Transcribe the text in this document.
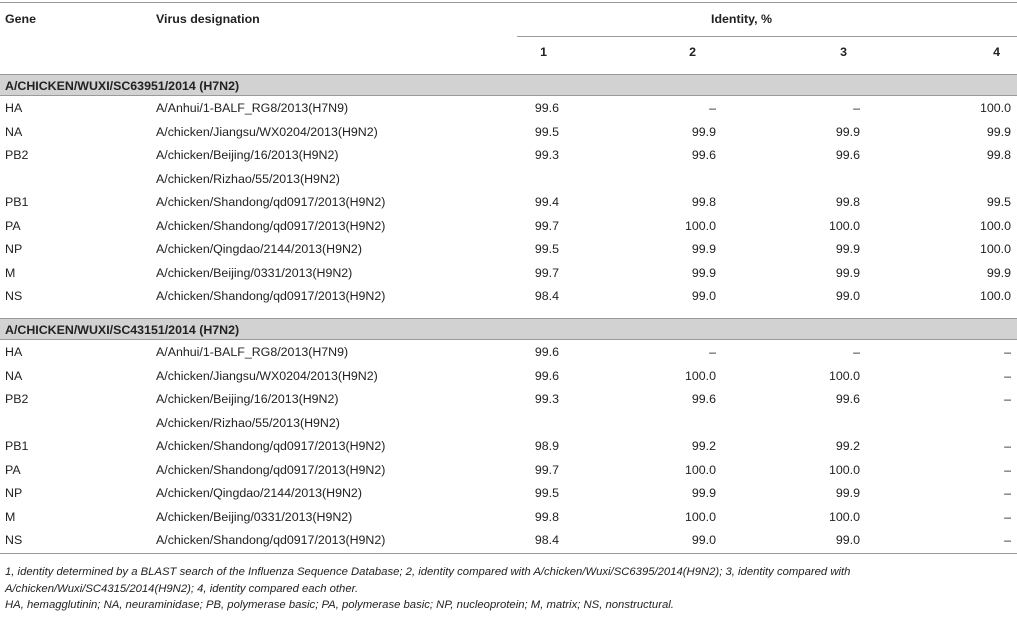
Gene	Virus designation	Identity, %
1	2	3	4
A/CHICKEN/WUXI/SC63951/2014 (H7N2)
HA	A/Anhui/1-BALF_RG8/2013(H7N9)	99.6	–	–	100.0
NA	A/chicken/Jiangsu/WX0204/2013(H9N2)	99.5	99.9	99.9	99.9
PB2	A/chicken/Beijing/16/2013(H9N2)	99.3	99.6	99.6	99.8
A/chicken/Rizhao/55/2013(H9N2)
PB1	A/chicken/Shandong/qd0917/2013(H9N2)	99.4	99.8	99.8	99.5
PA	A/chicken/Shandong/qd0917/2013(H9N2)	99.7	100.0	100.0	100.0
NP	A/chicken/Qingdao/2144/2013(H9N2)	99.5	99.9	99.9	100.0
M	A/chicken/Beijing/0331/2013(H9N2)	99.7	99.9	99.9	99.9
NS	A/chicken/Shandong/qd0917/2013(H9N2)	98.4	99.0	99.0	100.0
A/CHICKEN/WUXI/SC43151/2014 (H7N2)
HA	A/Anhui/1-BALF_RG8/2013(H7N9)	99.6	–	–	–
NA	A/chicken/Jiangsu/WX0204/2013(H9N2)	99.6	100.0	100.0	–
PB2	A/chicken/Beijing/16/2013(H9N2)	99.3	99.6	99.6	–
A/chicken/Rizhao/55/2013(H9N2)
PB1	A/chicken/Shandong/qd0917/2013(H9N2)	98.9	99.2	99.2	–
PA	A/chicken/Shandong/qd0917/2013(H9N2)	99.7	100.0	100.0	–
NP	A/chicken/Qingdao/2144/2013(H9N2)	99.5	99.9	99.9	–
M	A/chicken/Beijing/0331/2013(H9N2)	99.8	100.0	100.0	–
NS	A/chicken/Shandong/qd0917/2013(H9N2)	98.4	99.0	99.0	–

1, identity determined by a BLAST search of the Influenza Sequence Database; 2, identity compared with A/chicken/Wuxi/SC6395/2014(H9N2); 3, identity compared with A/chicken/Wuxi/SC4315/2014(H9N2); 4, identity compared each other.

HA, hemagglutinin; NA, neuraminidase; PB, polymerase basic; PA, polymerase basic; NP, nucleoprotein; M, matrix; NS, nonstructural.
